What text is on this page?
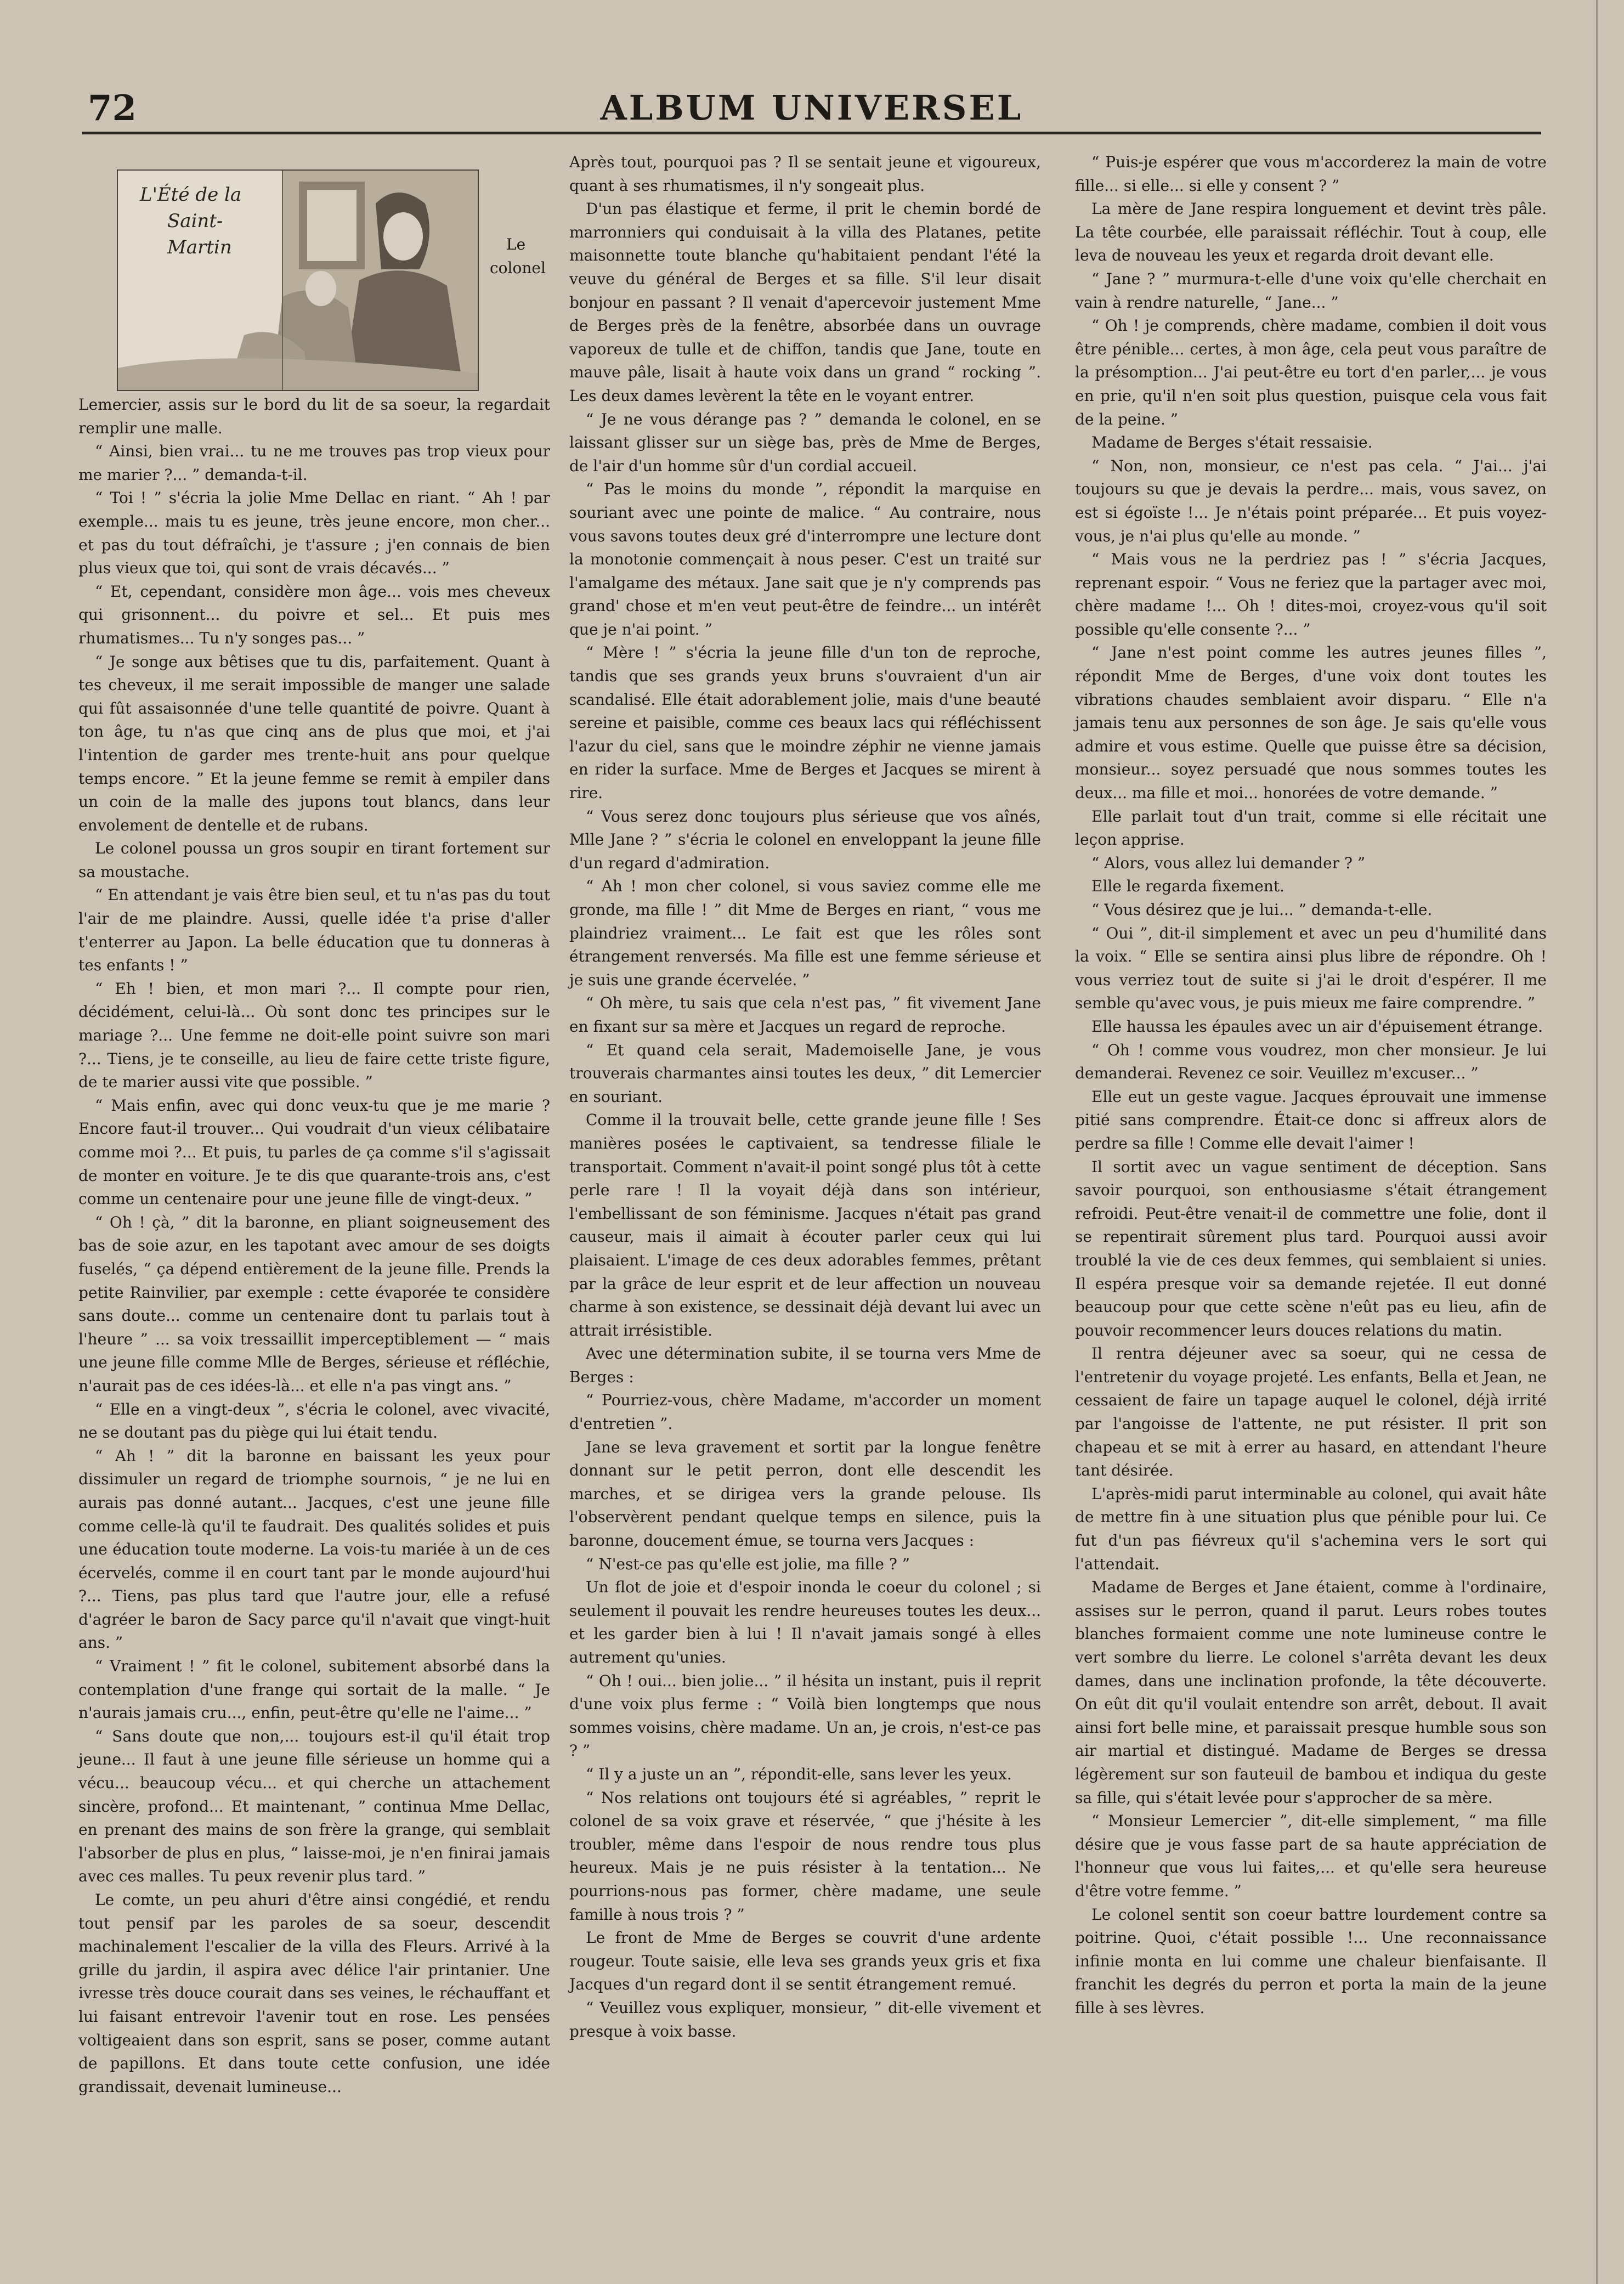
72	ALBUM UNIVERSEL
L'Été de la
Saint-Martin	Le colonel Lemercier, assis sur le bord du lit de sa soeur, la regardait remplir une malle.

“ Ainsi, bien vrai... tu ne me trouves pas trop vieux pour me marier ?... ” demanda-t-il.

“ Toi ! ” s'écria la jolie Mme Dellac en riant. “ Ah ! par exemple... mais tu es jeune, très jeune encore, mon cher... et pas du tout défraîchi, je t'assure ; j'en connais de bien plus vieux que toi, qui sont de vrais décavés... ”

“ Et, cependant, considère mon âge... vois mes cheveux qui grisonnent... du poivre et sel... Et puis mes rhumatismes... Tu n'y songes pas... ”

“ Je songe aux bêtises que tu dis, parfaitement. Quant à tes cheveux, il me serait impossible de manger une salade qui fût assaisonnée d'une telle quantité de poivre. Quant à ton âge, tu n'as que cinq ans de plus que moi, et j'ai l'intention de garder mes trente-huit ans pour quelque temps encore. ” Et la jeune femme se remit à empiler dans un coin de la malle des jupons tout blancs, dans leur envolement de dentelle et de rubans.

Le colonel poussa un gros soupir en tirant fortement sur sa moustache.

“ En attendant je vais être bien seul, et tu n'as pas du tout l'air de me plaindre. Aussi, quelle idée t'a prise d'aller t'enterrer au Japon. La belle éducation que tu donneras à tes enfants ! ”

“ Eh ! bien, et mon mari ?... Il compte pour rien, décidément, celui-là... Où sont donc tes principes sur le mariage ?... Une femme ne doit-elle point suivre son mari ?... Tiens, je te conseille, au lieu de faire cette triste figure, de te marier aussi vite que possible. ”

“ Mais enfin, avec qui donc veux-tu que je me marie ? Encore faut-il trouver... Qui voudrait d'un vieux célibataire comme moi ?... Et puis, tu parles de ça comme s'il s'agissait de monter en voiture. Je te dis que quarante-trois ans, c'est comme un centenaire pour une jeune fille de vingt-deux. ”

“ Oh ! çà, ” dit la baronne, en pliant soigneusement des bas de soie azur, en les tapotant avec amour de ses doigts fuselés, “ ça dépend entièrement de la jeune fille. Prends la petite Rainvilier, par exemple : cette évaporée te considère sans doute... comme un centenaire dont tu parlais tout à l'heure ” ... sa voix tressaillit imperceptiblement — “ mais une jeune fille comme Mlle de Berges, sérieuse et réfléchie, n'aurait pas de ces idées-là... et elle n'a pas vingt ans. ”

“ Elle en a vingt-deux ”, s'écria le colonel, avec vivacité, ne se doutant pas du piège qui lui était tendu.

“ Ah ! ” dit la baronne en baissant les yeux pour dissimuler un regard de triomphe sournois, “ je ne lui en aurais pas donné autant... Jacques, c'est une jeune fille comme celle-là qu'il te faudrait. Des qualités solides et puis une éducation toute moderne. La vois-tu mariée à un de ces écervelés, comme il en court tant par le monde aujourd'hui ?... Tiens, pas plus tard que l'autre jour, elle a refusé d'agréer le baron de Sacy parce qu'il n'avait que vingt-huit ans. ”

“ Vraiment ! ” fit le colonel, subitement absorbé dans la contemplation d'une frange qui sortait de la malle. “ Je n'aurais jamais cru..., enfin, peut-être qu'elle ne l'aime... ”

“ Sans doute que non,... toujours est-il qu'il était trop jeune... Il faut à une jeune fille sérieuse un homme qui a vécu... beaucoup vécu... et qui cherche un attachement sincère, profond... Et maintenant, ” continua Mme Dellac, en prenant des mains de son frère la grange, qui semblait l'absorber de plus en plus, “ laisse-moi, je n'en finirai jamais avec ces malles. Tu peux revenir plus tard. ”

Le comte, un peu ahuri d'être ainsi congédié, et rendu tout pensif par les paroles de sa soeur, descendit machinalement l'escalier de la villa des Fleurs. Arrivé à la grille du jardin, il aspira avec délice l'air printanier. Une ivresse très douce courait dans ses veines, le réchauffant et lui faisant entrevoir l'avenir tout en rose. Les pensées voltigeaient dans son esprit, sans se poser, comme autant de papillons. Et dans toute cette confusion, une idée grandissait, devenait lumineuse...

Après tout, pourquoi pas ? Il se sentait jeune et vigoureux, quant à ses rhumatismes, il n'y songeait plus.

D'un pas élastique et ferme, il prit le chemin bordé de marronniers qui conduisait à la villa des Platanes, petite maisonnette toute blanche qu'habitaient pendant l'été la veuve du général de Berges et sa fille. S'il leur disait bonjour en passant ? Il venait d'apercevoir justement Mme de Berges près de la fenêtre, absorbée dans un ouvrage vaporeux de tulle et de chiffon, tandis que Jane, toute en mauve pâle, lisait à haute voix dans un grand “ rocking ”. Les deux dames levèrent la tête en le voyant entrer.

“ Je ne vous dérange pas ? ” demanda le colonel, en se laissant glisser sur un siège bas, près de Mme de Berges, de l'air d'un homme sûr d'un cordial accueil.

“ Pas le moins du monde ”, répondit la marquise en souriant avec une pointe de malice. “ Au contraire, nous vous savons toutes deux gré d'interrompre une lecture dont la monotonie commençait à nous peser. C'est un traité sur l'amalgame des métaux. Jane sait que je n'y comprends pas grand' chose et m'en veut peut-être de feindre... un intérêt que je n'ai point. ”

“ Mère ! ” s'écria la jeune fille d'un ton de reproche, tandis que ses grands yeux bruns s'ouvraient d'un air scandalisé. Elle était adorablement jolie, mais d'une beauté sereine et paisible, comme ces beaux lacs qui réfléchissent l'azur du ciel, sans que le moindre zéphir ne vienne jamais en rider la surface. Mme de Berges et Jacques se mirent à rire.

“ Vous serez donc toujours plus sérieuse que vos aînés, Mlle Jane ? ” s'écria le colonel en enveloppant la jeune fille d'un regard d'admiration.

“ Ah ! mon cher colonel, si vous saviez comme elle me gronde, ma fille ! ” dit Mme de Berges en riant, “ vous me plaindriez vraiment... Le fait est que les rôles sont étrangement renversés. Ma fille est une femme sérieuse et je suis une grande écervelée. ”

“ Oh mère, tu sais que cela n'est pas, ” fit vivement Jane en fixant sur sa mère et Jacques un regard de reproche.

“ Et quand cela serait, Mademoiselle Jane, je vous trouverais charmantes ainsi toutes les deux, ” dit Lemercier en souriant.

Comme il la trouvait belle, cette grande jeune fille ! Ses manières posées le captivaient, sa tendresse filiale le transportait. Comment n'avait-il point songé plus tôt à cette perle rare ! Il la voyait déjà dans son intérieur, l'embellissant de son féminisme. Jacques n'était pas grand causeur, mais il aimait à écouter parler ceux qui lui plaisaient. L'image de ces deux adorables femmes, prêtant par la grâce de leur esprit et de leur affection un nouveau charme à son existence, se dessinait déjà devant lui avec un attrait irrésistible.

Avec une détermination subite, il se tourna vers Mme de Berges :

“ Pourriez-vous, chère Madame, m'accorder un moment d'entretien ”.

Jane se leva gravement et sortit par la longue fenêtre donnant sur le petit perron, dont elle descendit les marches, et se dirigea vers la grande pelouse. Ils l'observèrent pendant quelque temps en silence, puis la baronne, doucement émue, se tourna vers Jacques :

“ N'est-ce pas qu'elle est jolie, ma fille ? ”

Un flot de joie et d'espoir inonda le coeur du colonel ; si seulement il pouvait les rendre heureuses toutes les deux... et les garder bien à lui ! Il n'avait jamais songé à elles autrement qu'unies.

“ Oh ! oui... bien jolie... ” il hésita un instant, puis il reprit d'une voix plus ferme : “ Voilà bien longtemps que nous sommes voisins, chère madame. Un an, je crois, n'est-ce pas ? ”

“ Il y a juste un an ”, répondit-elle, sans lever les yeux.

“ Nos relations ont toujours été si agréables, ” reprit le colonel de sa voix grave et réservée, “ que j'hésite à les troubler, même dans l'espoir de nous rendre tous plus heureux. Mais je ne puis résister à la tentation... Ne pourrions-nous pas former, chère madame, une seule famille à nous trois ? ”

Le front de Mme de Berges se couvrit d'une ardente rougeur. Toute saisie, elle leva ses grands yeux gris et fixa Jacques d'un regard dont il se sentit étrangement remué.

“ Veuillez vous expliquer, monsieur, ” dit-elle vivement et presque à voix basse.

“ Puis-je espérer que vous m'accorderez la main de votre fille... si elle... si elle y consent ? ”

La mère de Jane respira longuement et devint très pâle. La tête courbée, elle paraissait réfléchir. Tout à coup, elle leva de nouveau les yeux et regarda droit devant elle.

“ Jane ? ” murmura-t-elle d'une voix qu'elle cherchait en vain à rendre naturelle, “ Jane... ”

“ Oh ! je comprends, chère madame, combien il doit vous être pénible... certes, à mon âge, cela peut vous paraître de la présomption... J'ai peut-être eu tort d'en parler,... je vous en prie, qu'il n'en soit plus question, puisque cela vous fait de la peine. ”

Madame de Berges s'était ressaisie.

“ Non, non, monsieur, ce n'est pas cela. “ J'ai... j'ai toujours su que je devais la perdre... mais, vous savez, on est si égoïste !... Je n'étais point préparée... Et puis voyez-vous, je n'ai plus qu'elle au monde. ”

“ Mais vous ne la perdriez pas ! ” s'écria Jacques, reprenant espoir. “ Vous ne feriez que la partager avec moi, chère madame !... Oh ! dites-moi, croyez-vous qu'il soit possible qu'elle consente ?... ”

“ Jane n'est point comme les autres jeunes filles ”, répondit Mme de Berges, d'une voix dont toutes les vibrations chaudes semblaient avoir disparu. “ Elle n'a jamais tenu aux personnes de son âge. Je sais qu'elle vous admire et vous estime. Quelle que puisse être sa décision, monsieur... soyez persuadé que nous sommes toutes les deux... ma fille et moi... honorées de votre demande. ”

Elle parlait tout d'un trait, comme si elle récitait une leçon apprise.

“ Alors, vous allez lui demander ? ”

Elle le regarda fixement.

“ Vous désirez que je lui... ” demanda-t-elle.

“ Oui ”, dit-il simplement et avec un peu d'humilité dans la voix. “ Elle se sentira ainsi plus libre de répondre. Oh ! vous verriez tout de suite si j'ai le droit d'espérer. Il me semble qu'avec vous, je puis mieux me faire comprendre. ”

Elle haussa les épaules avec un air d'épuisement étrange.

“ Oh ! comme vous voudrez, mon cher monsieur. Je lui demanderai. Revenez ce soir. Veuillez m'excuser... ”

Elle eut un geste vague. Jacques éprouvait une immense pitié sans comprendre. Était-ce donc si affreux alors de perdre sa fille ! Comme elle devait l'aimer !

Il sortit avec un vague sentiment de déception. Sans savoir pourquoi, son enthousiasme s'était étrangement refroidi. Peut-être venait-il de commettre une folie, dont il se repentirait sûrement plus tard. Pourquoi aussi avoir troublé la vie de ces deux femmes, qui semblaient si unies. Il espéra presque voir sa demande rejetée. Il eut donné beaucoup pour que cette scène n'eût pas eu lieu, afin de pouvoir recommencer leurs douces relations du matin.

Il rentra déjeuner avec sa soeur, qui ne cessa de l'entretenir du voyage projeté. Les enfants, Bella et Jean, ne cessaient de faire un tapage auquel le colonel, déjà irrité par l'angoisse de l'attente, ne put résister. Il prit son chapeau et se mit à errer au hasard, en attendant l'heure tant désirée.

L'après-midi parut interminable au colonel, qui avait hâte de mettre fin à une situation plus que pénible pour lui. Ce fut d'un pas fiévreux qu'il s'achemina vers le sort qui l'attendait.

Madame de Berges et Jane étaient, comme à l'ordinaire, assises sur le perron, quand il parut. Leurs robes toutes blanches formaient comme une note lumineuse contre le vert sombre du lierre. Le colonel s'arrêta devant les deux dames, dans une inclination profonde, la tête découverte. On eût dit qu'il voulait entendre son arrêt, debout. Il avait ainsi fort belle mine, et paraissait presque humble sous son air martial et distingué. Madame de Berges se dressa légèrement sur son fauteuil de bambou et indiqua du geste sa fille, qui s'était levée pour s'approcher de sa mère.

“ Monsieur Lemercier ”, dit-elle simplement, “ ma fille désire que je vous fasse part de sa haute appréciation de l'honneur que vous lui faites,... et qu'elle sera heureuse d'être votre femme. ”

Le colonel sentit son coeur battre lourdement contre sa poitrine. Quoi, c'était possible !... Une reconnaissance infinie monta en lui comme une chaleur bienfaisante. Il franchit les degrés du perron et porta la main de la jeune fille à ses lèvres.
